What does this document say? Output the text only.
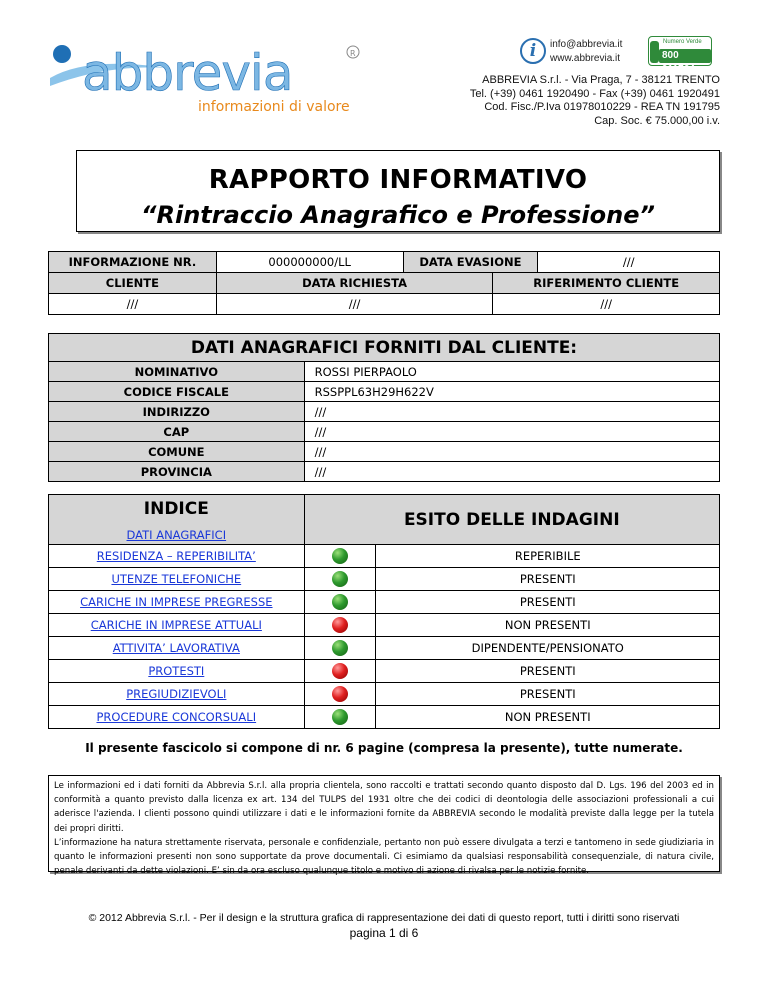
abbrevia
informazioni di valore
R	i	info@abbrevia.it
www.abbrevia.it
Numero Verde
800 911764
ABBREVIA S.r.l. - Via Praga, 7 - 38121 TRENTO
Tel. (+39) 0461 1920490 - Fax (+39) 0461 1920491
Cod. Fisc./P.Iva 01978010229 - REA TN 191795
Cap. Soc. € 75.000,00 i.v.
RAPPORTO INFORMATIVO
“Rintraccio Anagrafico e Professione”
INFORMAZIONE NR.	000000000/LL	DATA EVASIONE		///
CLIENTE	DATA RICHIESTA		RIFERIMENTO CLIENTE	
///	///		///	
DATI ANAGRAFICI FORNITI DAL CLIENTE:	
NOMINATIVO	ROSSI PIERPAOLO
CODICE FISCALE	RSSPPL63H29H622V
INDIRIZZO	///
CAP	///
COMUNE	///
PROVINCIA	///
INDICE
DATI ANAGRAFICI	ESITO DELLE INDAGINI	
RESIDENZA – REPERIBILITA’		REPERIBILE
UTENZE TELEFONICHE		PRESENTI
CARICHE IN IMPRESE PREGRESSE		PRESENTI
CARICHE IN IMPRESE ATTUALI		NON PRESENTI
ATTIVITA’ LAVORATIVA		DIPENDENTE/PENSIONATO
PROTESTI		PRESENTI
PREGIUDIZIEVOLI		PRESENTI
PROCEDURE CONCORSUALI		NON PRESENTI
Il presente fascicolo si compone di nr. 6 pagine (compresa la presente), tutte numerate.
Le informazioni ed i dati forniti da Abbrevia S.r.l. alla propria clientela, sono raccolti e trattati secondo quanto disposto dal D. Lgs. 196 del 2003 ed in conformità a quanto previsto dalla licenza ex art. 134 del TULPS del 1931 oltre che dei codici di deontologia delle associazioni professionali a cui aderisce l'azienda. I clienti possono quindi utilizzare i dati e le informazioni fornite da ABBREVIA secondo le modalità previste dalla legge per la tutela dei propri diritti.
L’informazione ha natura strettamente riservata, personale e confidenziale, pertanto non può essere divulgata a terzi e tantomeno in sede giudiziaria in quanto le informazioni presenti non sono supportate da prove documentali. Ci esimiamo da qualsiasi responsabilità consequenziale, di natura civile, penale derivanti da dette violazioni. E’ sin da ora escluso qualunque titolo e motivo di azione di rivalsa per le notizie fornite.
© 2012 Abbrevia S.r.l. - Per il design e la struttura grafica di rappresentazione dei dati di questo report, tutti i diritti sono riservati
pagina 1 di 6
